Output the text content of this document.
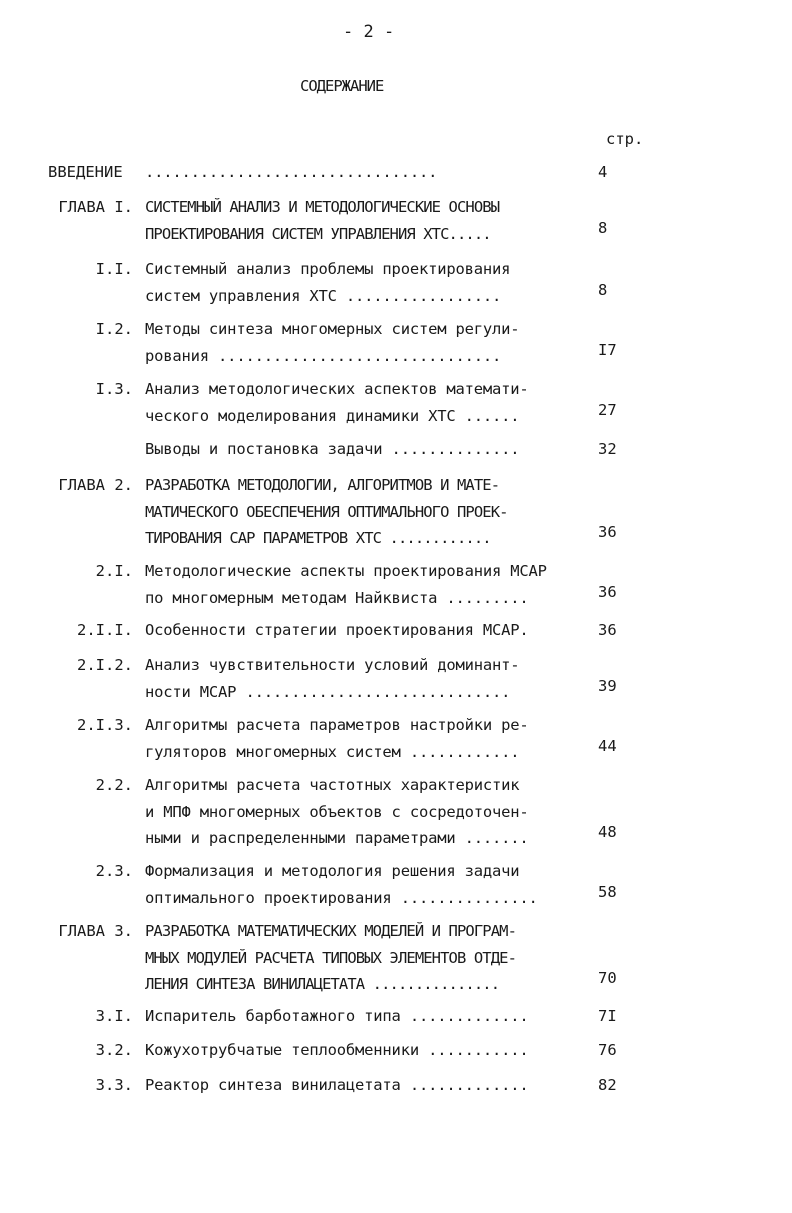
- 2 -
СОДЕРЖАНИЕ
стр.
ВВЕДЕНИЕ ................................	4
ГЛАВА I. СИСТЕМНЫЙ АНАЛИЗ И МЕТОДОЛОГИЧЕСКИЕ ОСНОВЫ
ПРОЕКТИРОВАНИЯ СИСТЕМ УПРАВЛЕНИЯ ХТС.....	8
I.I. Системный анализ проблемы проектирования
систем управления ХТС .................	8
I.2. Методы синтеза многомерных систем регули-
рования ...............................	I7
I.3. Анализ методологических аспектов математи-
ческого моделирования динамики ХТС ......	27
Выводы и постановка задачи ..............	32
ГЛАВА 2. РАЗРАБОТКА МЕТОДОЛОГИИ, АЛГОРИТМОВ И МАТЕ-
МАТИЧЕСКОГО ОБЕСПЕЧЕНИЯ ОПТИМАЛЬНОГО ПРОЕК-
ТИРОВАНИЯ САР ПАРАМЕТРОВ ХТС ............	36
2.I. Методологические аспекты проектирования МСАР
по многомерным методам Найквиста .........	36
2.I.I. Особенности стратегии проектирования МСАР.	36
2.I.2. Анализ чувствительности условий доминант-
ности МСАР .............................	39
2.I.3. Алгоритмы расчета параметров настройки ре-
гуляторов многомерных систем ............	44
2.2. Алгоритмы расчета частотных характеристик
и МПФ многомерных объектов с сосредоточен-
ными и распределенными параметрами .......	48
2.3. Формализация и методология решения задачи
оптимального проектирования ...............	58
ГЛАВА 3. РАЗРАБОТКА МАТЕМАТИЧЕСКИХ МОДЕЛЕЙ И ПРОГРАМ-
МНЫХ МОДУЛЕЙ РАСЧЕТА ТИПОВЫХ ЭЛЕМЕНТОВ ОТДЕ-
ЛЕНИЯ СИНТЕЗА ВИНИЛАЦЕТАТА ...............	70
3.I. Испаритель барботажного типа .............	7I
3.2. Кожухотрубчатые теплообменники ...........	76
3.3. Реактор синтеза винилацетата .............	82
